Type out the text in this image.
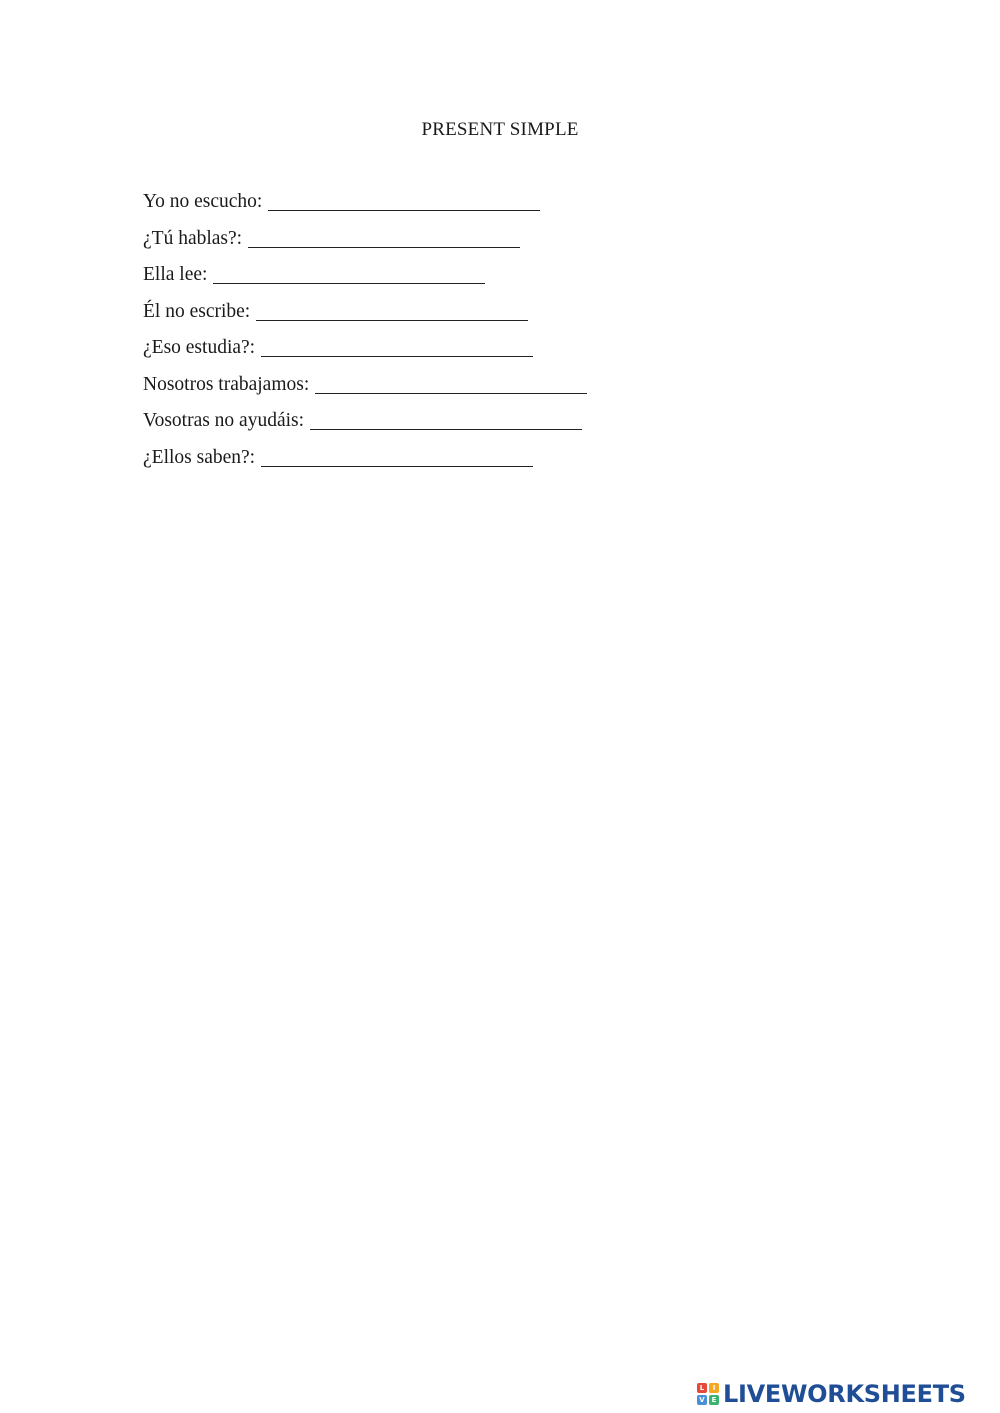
PRESENT SIMPLE
Yo no escucho:
¿Tú hablas?:
Ella lee:
Él no escribe:
¿Eso estudia?:
Nosotros trabajamos:
Vosotras no ayudáis:
¿Ellos saben?:
L	I
V E LIVEWORKSHEETS
